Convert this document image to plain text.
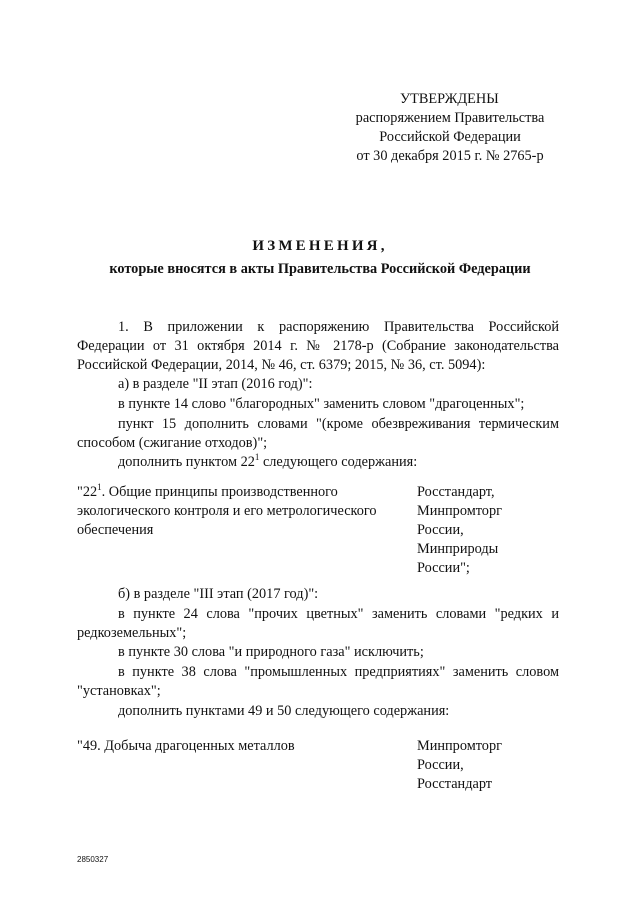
УТВЕРЖДЕНЫ
распоряжением Правительства
Российской Федерации
от 30 декабря 2015 г. № 2765-р
ИЗМЕНЕНИЯ,
которые вносятся в акты Правительства Российской Федерации
1. В приложении к распоряжению Правительства Российской
Федерации от 31 октября 2014 г. № 2178-р (Собрание законодательства
Российской Федерации, 2014, № 46, ст. 6379; 2015, № 36, ст. 5094):
а) в разделе "II этап (2016 год)":
в пункте 14 слово "благородных" заменить словом "драгоценных";
пункт 15 дополнить словами "(кроме обезвреживания термическим
способом (сжигание отходов)";
дополнить пунктом $22^1$ следующего содержания:
"$22^1$. Общие принципы производственного
экологического контроля и его метрологического
обеспечения
Росстандарт,
Минпромторг
России,
Минприроды
России";
б) в разделе "III этап (2017 год)":
в пункте 24 слова "прочих цветных" заменить словами "редких и
редкоземельных";
в пункте 30 слова "и природного газа" исключить;
в пункте 38 слова "промышленных предприятиях" заменить словом
"установках";
дополнить пунктами 49 и 50 следующего содержания:
"49. Добыча драгоценных металлов	Минпромторг
России,
Росстандарт
2850327
